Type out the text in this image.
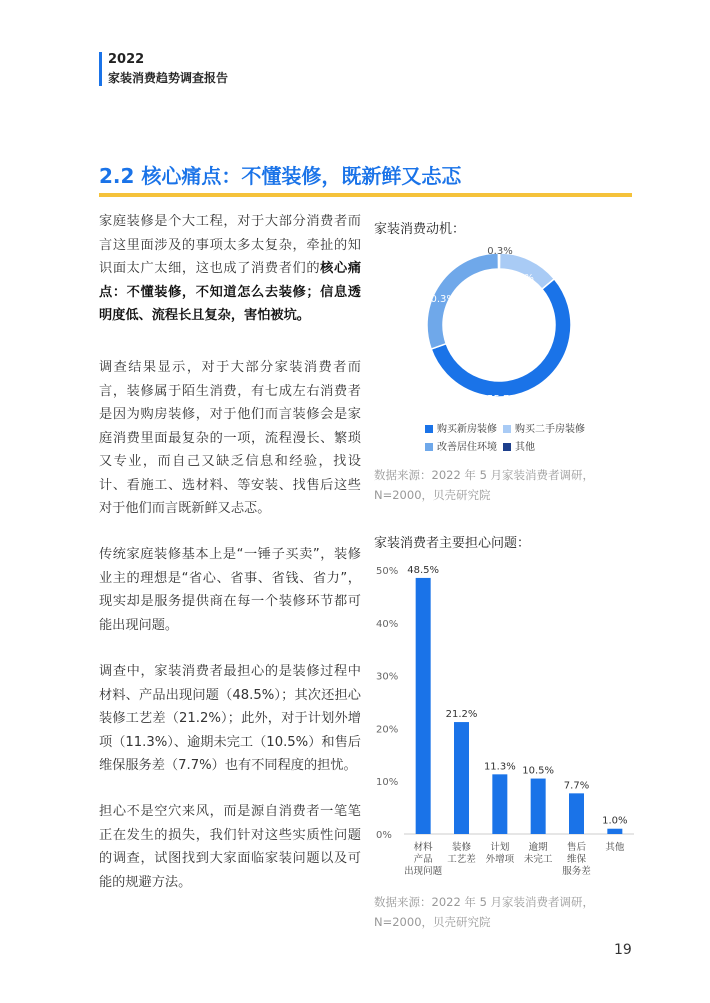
2022
家装消费趋势调查报告
2.2 核心痛点：不懂装修，既新鲜又忐忑
家庭装修是个大工程，对于大部分消费者而言这里面涉及的事项太多太复杂，牵扯的知识面太广太细，这也成了消费者们的核心痛点：不懂装修，不知道怎么去装修；信息透明度低、流程长且复杂，害怕被坑。
调查结果显示，对于大部分家装消费者而言，装修属于陌生消费，有七成左右消费者是因为购房装修，对于他们而言装修会是家庭消费里面最复杂的一项，流程漫长、繁琐又专业，而自己又缺乏信息和经验，找设计、看施工、选材料、等安装、找售后这些对于他们而言既新鲜又忐忑。
传统家庭装修基本上是“一锤子买卖”，装修业主的理想是“省心、省事、省钱、省力”，现实却是服务提供商在每一个装修环节都可能出现问题。
调查中，家装消费者最担心的是装修过程中材料、产品出现问题（48.5%）；其次还担心装修工艺差（21.2%）；此外，对于计划外增项（11.3%）、逾期未完工（10.5%）和售后维保服务差（7.7%）也有不同程度的担忧。
担心不是空穴来风，而是源自消费者一笔笔正在发生的损失，我们针对这些实质性问题的调查，试图找到大家面临家装问题以及可能的规避方法。
家装消费动机：
55.7%
13.8%
30.3%
0.3%
购买新房装修 购买二手房装修改善居住环境 其他
数据来源：2022 年 5 月家装消费者调研，N=2000，贝壳研究院
家装消费者主要担心问题：
0%
10%
20%
30%
40%
50% 48.5%
材料产品出现问题
21.2%
装修工艺差
11.3%
计划外增项
10.5%
逾期未完工
7.7%
售后维保服务差
1.0%
其他
数据来源：2022 年 5 月家装消费者调研，N=2000，贝壳研究院
19
